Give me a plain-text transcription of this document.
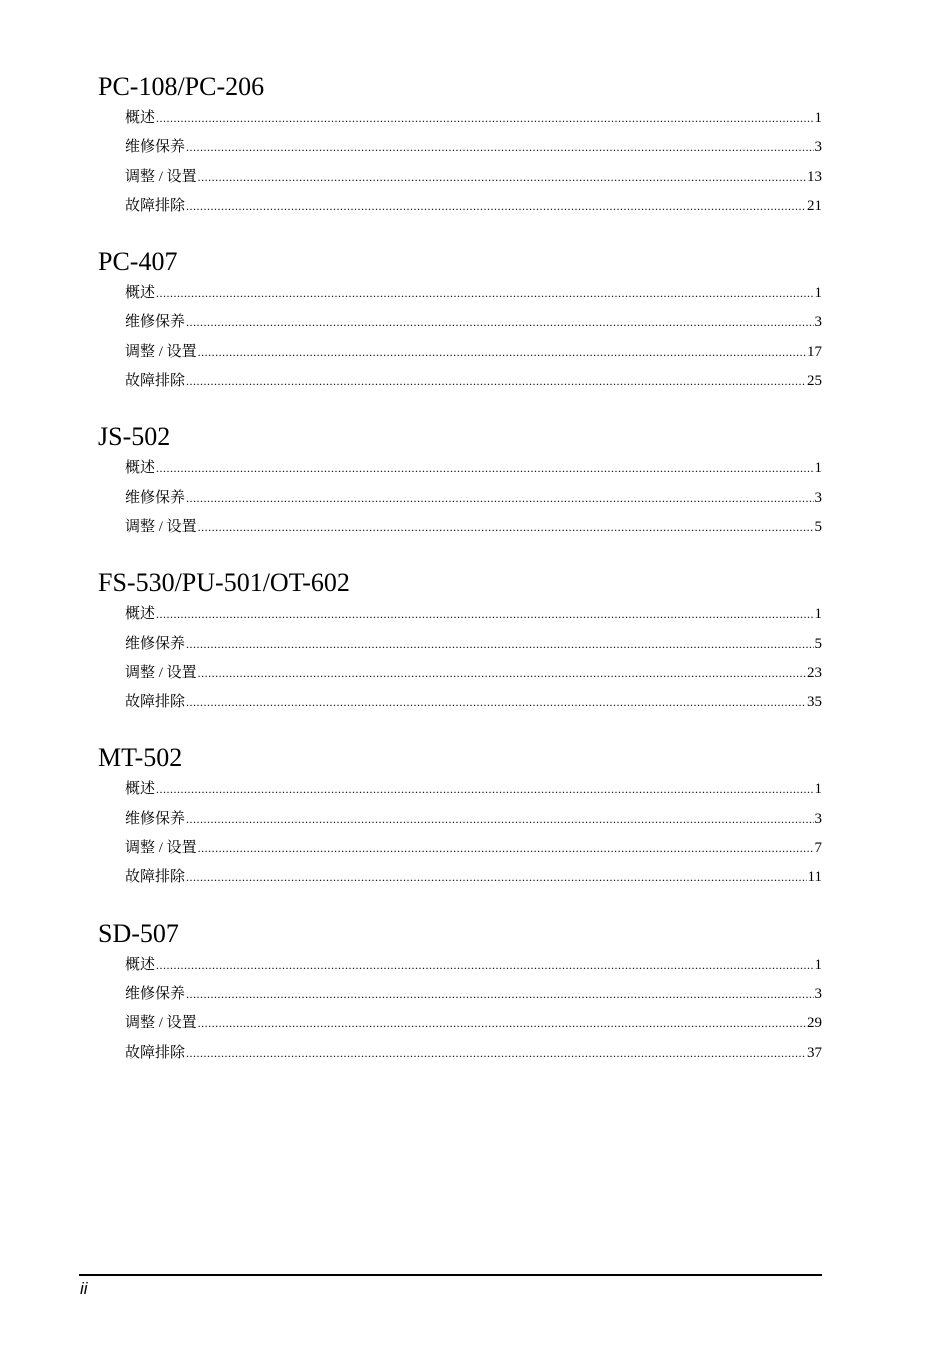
PC-108/PC-206
概述 .....	1
维修保养 .....	3
调整 / 设置 .....	13
故障排除 .....	21
PC-407
概述 .....	1
维修保养 .....	3
调整 / 设置 .....	17
故障排除 .....	25
JS-502
概述 .....	1
维修保养 .....	3
调整 / 设置 .....	5
FS-530/PU-501/OT-602
概述 .....	1
维修保养 .....	5
调整 / 设置 .....	23
故障排除 .....	35
MT-502
概述 .....	1
维修保养 .....	3
调整 / 设置 .....	7
故障排除 .....	11
SD-507
概述 .....	1
维修保养 .....	3
调整 / 设置 .....	29
故障排除 .....	37
ii
